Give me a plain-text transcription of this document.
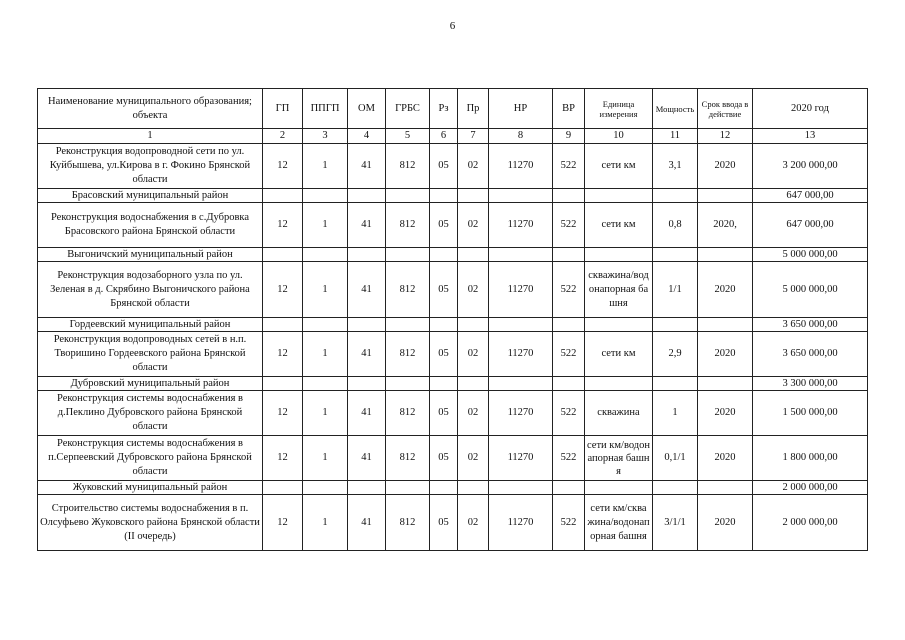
6
Наименование муниципального образования; объекта	ГП	ППГП	ОМ	ГРБС	Рз	Пр	НР	ВР	Единица измерения	Мощность	Срок ввода в действие	2020 год
1	2	3	4	5	6	7	8	9	10	11	12	13
Реконструкция водопроводной сети по ул. Куйбышева, ул.Кирова в г. Фокино Брянской области	12	1	41	812	05	02	11270	522	сети км	3,1	2020	3 200 000,00
Брасовский муниципальный район												647 000,00
Реконструкция водоснабжения в с.Дубровка Брасовского района Брянской области	12	1	41	812	05	02	11270	522	сети км	0,8	2020,	647 000,00
Выгоничский муниципальный район												5 000 000,00
Реконструкция водозаборного узла по ул. Зеленая в д. Скрябино Выгоничского района Брянской области	12	1	41	812	05	02	11270	522	скважина/водонапорная башня	1/1	2020	5 000 000,00
Гордеевский муниципальный район												3 650 000,00
Реконструкция водопроводных сетей в н.п. Творишино Гордеевского района Брянской области	12	1	41	812	05	02	11270	522	сети км	2,9	2020	3 650 000,00
Дубровский муниципальный район												3 300 000,00
Реконструкция системы водоснабжения в д.Пеклино Дубровского района Брянской области	12	1	41	812	05	02	11270	522	скважина	1	2020	1 500 000,00
Реконструкция системы водоснабжения в п.Серпеевский Дубровского района Брянской области	12	1	41	812	05	02	11270	522	сети км/водонапорная башня	0,1/1	2020	1 800 000,00
Жуковский муниципальный район												2 000 000,00
Строительство системы водоснабжения в п. Олсуфьево Жуковского района Брянской области (II очередь)	12	1	41	812	05	02	11270	522	сети км/скважина/водонапорная башня	3/1/1	2020	2 000 000,00
